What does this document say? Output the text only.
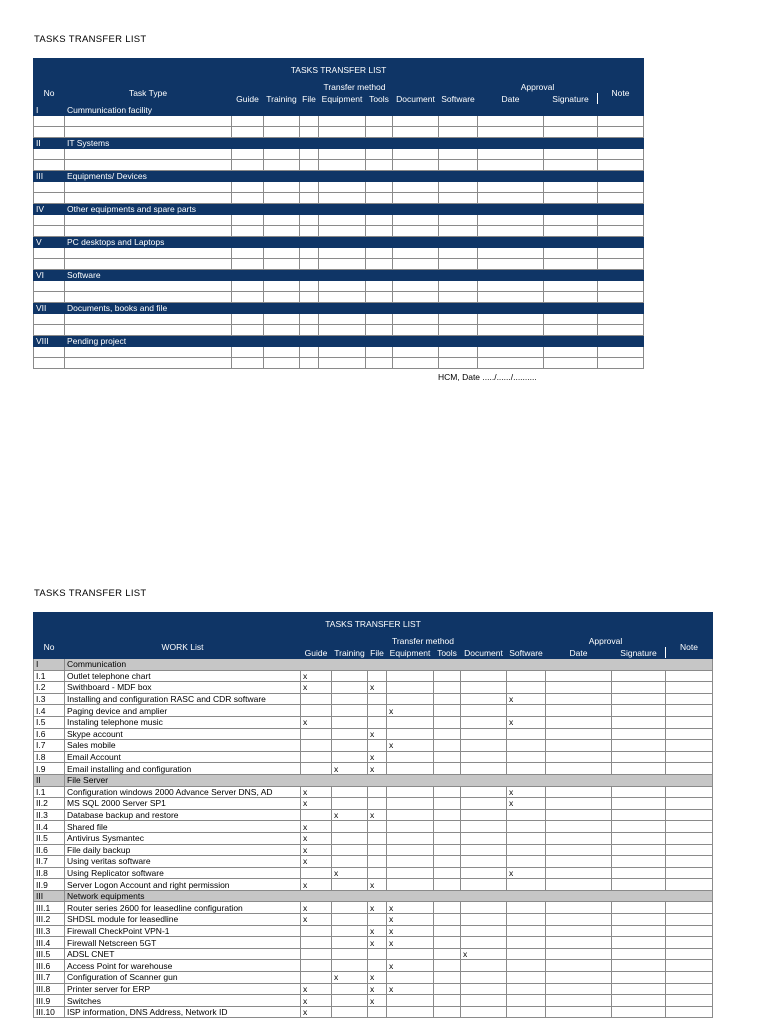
TASKS TRANSFER LIST
TASKS TRANSFER LIST											
No	Task Type	Transfer method							Approval		Note
		Guide	Training	File	Equipment	Tools	Document	Software	Date	Signature	
I	Cummunication facility										

II	IT Systems										

III	Equipments/ Devices										

IV	Other equipments and spare parts										

V	PC desktops and Laptops										

VI	Software										

VII	Documents, books and file										

VIII	Pending project										

HCM, Date ...../....../..........
TASKS TRANSFER LIST
TASKS TRANSFER LIST											
No	WORK List	Transfer method							Approval		Note
		Guide	Training	File	Equipment	Tools	Document	Software	Date	Signature	
I	Communication										
I.1	Outlet telephone chart	x									
I.2	Swithboard - MDF box	x		x							
I.3	Installing and configuration RASC and CDR software							x			
I.4	Paging device and amplier				x						
I.5	Instaling telephone music	x						x			
I.6	Skype account			x							
I.7	Sales mobile				x						
I.8	Email Account			x							
I.9	Email installing and configuration		x	x							
II	File Server										
I.1	Configuration windows 2000 Advance Server DNS, AD	x						x			
II.2	MS SQL 2000 Server SP1	x						x			
II.3	Database backup and restore		x	x							
II.4	Shared file	x									
II.5	Antivirus Sysmantec	x									
II.6	File daily backup	x									
II.7	Using veritas software	x									
II.8	Using Replicator software		x					x			
II.9	Server Logon Account and right permission	x		x							
III	Network equipments										
III.1	Router series 2600 for leasedline configuration	x		x	x						
III.2	SHDSL module for leasedline	x			x						
III.3	Firewall CheckPoint VPN-1			x	x						
III.4	Firewall Netscreen 5GT			x	x						
III.5	ADSL CNET						x				
III.6	Access Point for warehouse				x						
III.7	Configuration of Scanner gun		x	x							
III.8	Printer server for ERP	x		x	x						
III.9	Switches	x		x							
III.10	ISP information, DNS Address, Network ID	x									
